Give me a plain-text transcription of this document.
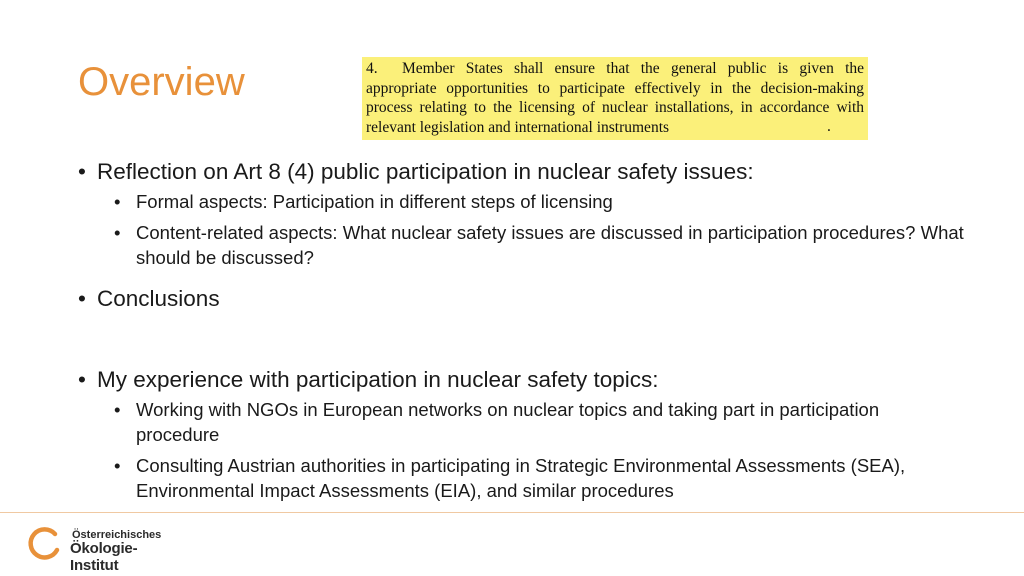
Overview	4. Member States shall ensure that the general public is given the appropriate opportunities to participate effectively in the decision-making process relating to the licensing of nuclear installations, in accordance with relevant legislation and international instruments	.
• Reflection on Art 8 (4) public participation in nuclear safety issues:
• Formal aspects: Participation in different steps of licensing
• Content-related aspects: What nuclear safety issues are discussed in participation procedures? What should be discussed?
• Conclusions
• My experience with participation in nuclear safety topics:
• Working with NGOs in European networks on nuclear topics and taking part in participation procedure
• Consulting Austrian authorities in participating in Strategic Environmental Assessments (SEA), Environmental Impact Assessments (EIA), and similar procedures
Österreichisches
Ökologie-Institut
